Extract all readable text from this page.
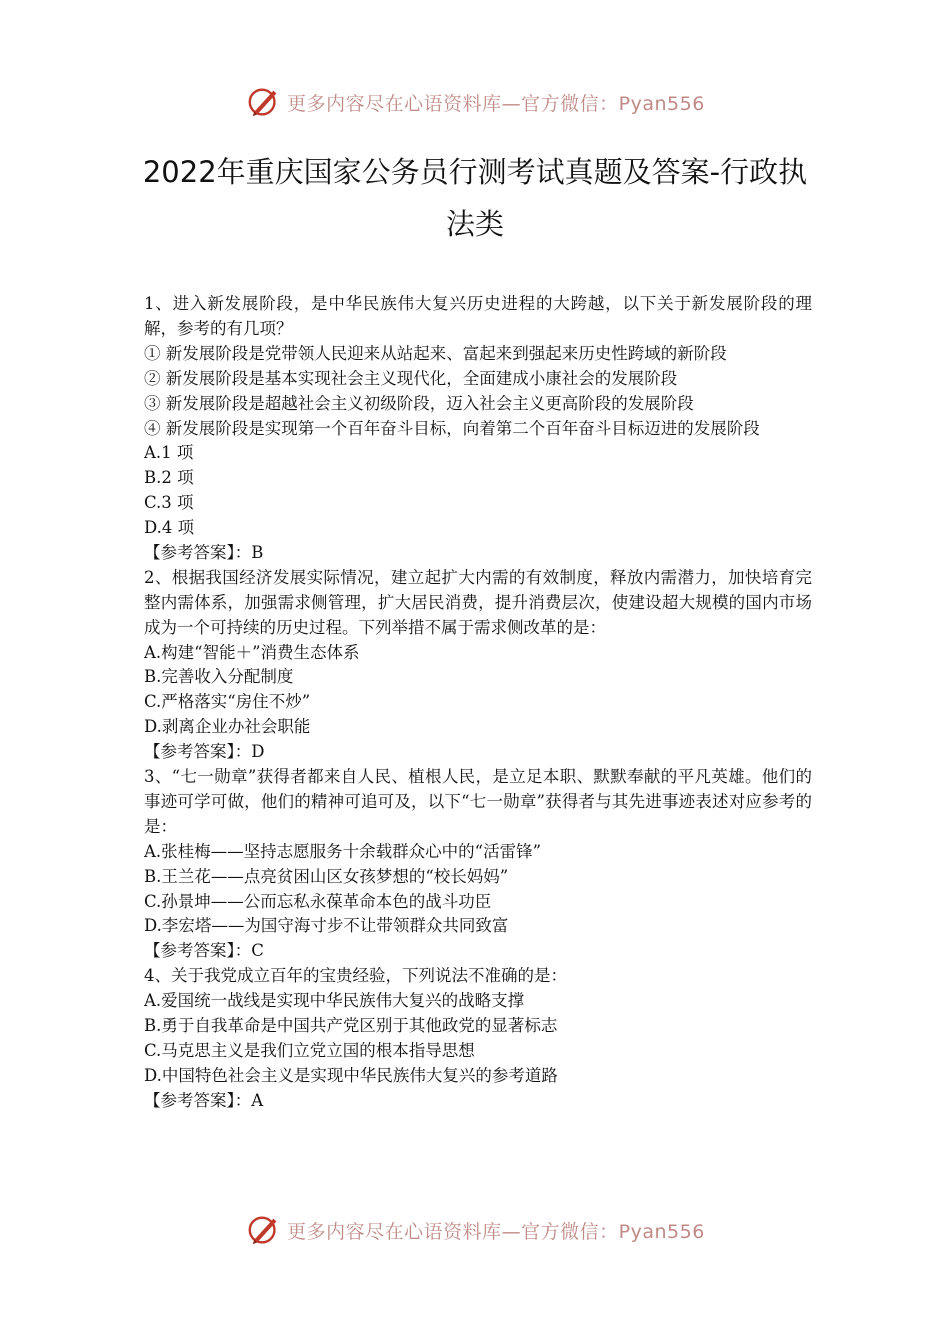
更多内容尽在心语资料库—官方微信：Pyan556
2022年重庆国家公务员行测考试真题及答案-行政执法类
1、进入新发展阶段，是中华民族伟大复兴历史进程的大跨越，以下关于新发展阶段的理解，参考的有几项？
① 新发展阶段是党带领人民迎来从站起来、富起来到强起来历史性跨域的新阶段
② 新发展阶段是基本实现社会主义现代化，全面建成小康社会的发展阶段
③ 新发展阶段是超越社会主义初级阶段，迈入社会主义更高阶段的发展阶段
④ 新发展阶段是实现第一个百年奋斗目标，向着第二个百年奋斗目标迈进的发展阶段
A.1 项
B.2 项
C.3 项
D.4 项
【参考答案】：B
2、根据我国经济发展实际情况，建立起扩大内需的有效制度，释放内需潜力，加快培育完整内需体系，加强需求侧管理，扩大居民消费，提升消费层次，使建设超大规模的国内市场成为一个可持续的历史过程。下列举措不属于需求侧改革的是：
A.构建“智能＋”消费生态体系
B.完善收入分配制度
C.严格落实“房住不炒”
D.剥离企业办社会职能
【参考答案】：D
3、“七一勋章”获得者都来自人民、植根人民，是立足本职、默默奉献的平凡英雄。他们的事迹可学可做，他们的精神可追可及，以下“七一勋章”获得者与其先进事迹表述对应参考的是：
A.张桂梅——坚持志愿服务十余载群众心中的“活雷锋”
B.王兰花——点亮贫困山区女孩梦想的“校长妈妈”
C.孙景坤——公而忘私永葆革命本色的战斗功臣
D.李宏塔——为国守海寸步不让带领群众共同致富
【参考答案】：C
4、关于我党成立百年的宝贵经验，下列说法不准确的是：
A.爱国统一战线是实现中华民族伟大复兴的战略支撑
B.勇于自我革命是中国共产党区别于其他政党的显著标志
C.马克思主义是我们立党立国的根本指导思想
D.中国特色社会主义是实现中华民族伟大复兴的参考道路
【参考答案】：A
更多内容尽在心语资料库—官方微信：Pyan556
